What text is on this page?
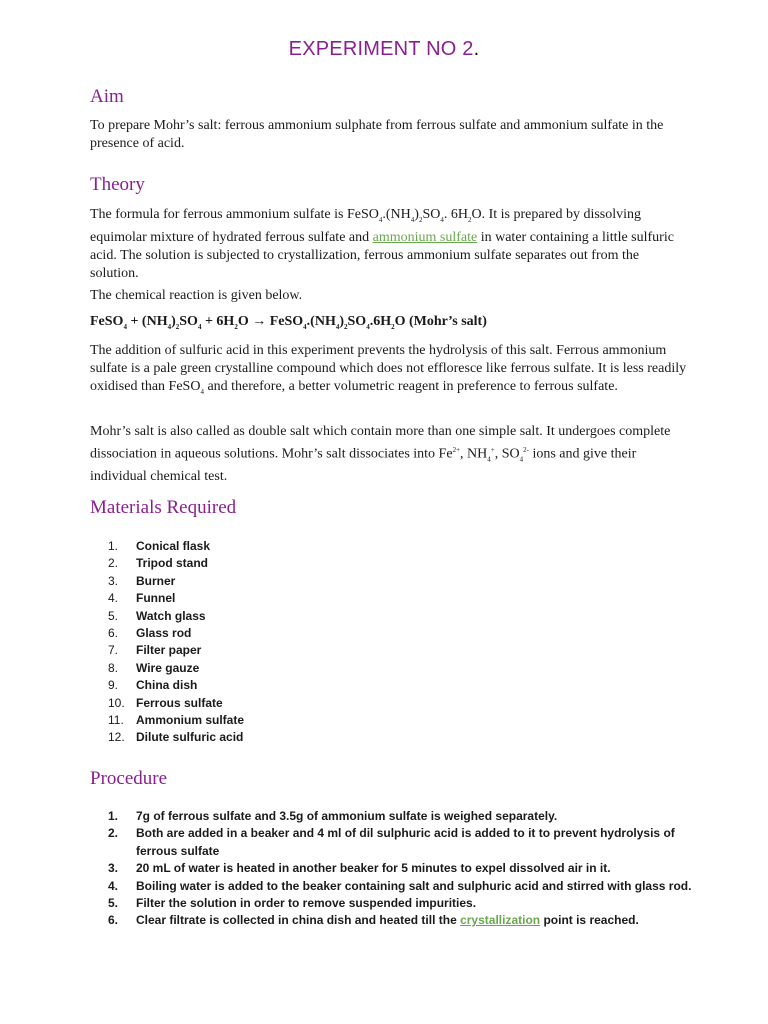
EXPERIMENT NO 2.
Aim

To prepare Mohr’s salt: ferrous ammonium sulphate from ferrous sulfate and ammonium sulfate in the presence of acid.

Theory

The formula for ferrous ammonium sulfate is $FeSO_4.(NH_4)_2SO_4$. $6H_2O$. It is prepared by dissolving equimolar mixture of hydrated ferrous sulfate and ammonium sulfate in water containing a little sulfuric acid. The solution is subjected to crystallization, ferrous ammonium sulfate separates out from the solution.

The chemical reaction is given below.

FeSO$_4$ + $(NH_4)_2SO_4 + 6H_2O$ → $FeSO_4.(NH_4)_2SO_4.6H_2O$ (Mohr’s salt)

The addition of sulfuric acid in this experiment prevents the hydrolysis of this salt. Ferrous ammonium sulfate is a pale green crystalline compound which does not effloresce like ferrous sulfate. It is less readily oxidised than FeSO$_4$ and therefore, a better volumetric reagent in preference to ferrous sulfate.

Mohr’s salt is also called as double salt which contain more than one simple salt. It undergoes complete dissociation in aqueous solutions. Mohr’s salt dissociates into $Fe^{2+}$, $NH_4^+$, $SO_4^{2-}$ ions and give their individual chemical test.

Materials Required
1.	Conical flask
2.	Tripod stand
3.	Burner
4.	Funnel
5.	Watch glass
6.	Glass rod
7.	Filter paper
8.	Wire gauze
9.	China dish
10. Ferrous sulfate
11.	Ammonium sulfate
12. Dilute sulfuric acid
Procedure
1.	7g of ferrous sulfate and 3.5g of ammonium sulfate is weighed separately.
2.	Both are added in a beaker and 4 ml of dil sulphuric acid is added to it to prevent hydrolysis of ferrous sulfate
3.	20 mL of water is heated in another beaker for 5 minutes to expel dissolved air in it.
4.	Boiling water is added to the beaker containing salt and sulphuric acid and stirred with glass rod.
5.	Filter the solution in order to remove suspended impurities.
6.	Clear filtrate is collected in china dish and heated till the crystallization point is reached.
